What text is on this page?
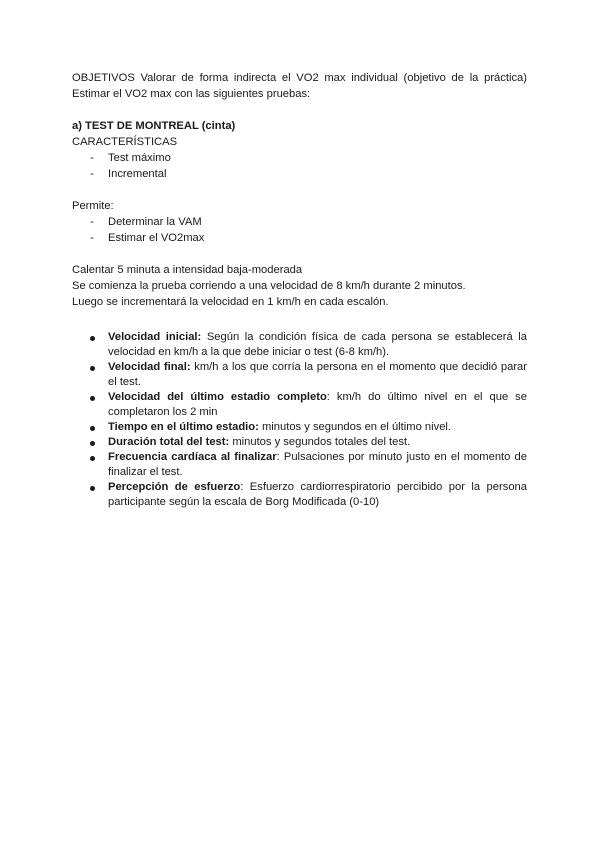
OBJETIVOS Valorar de forma indirecta el VO2 max individual (objetivo de la práctica)
Estimar el VO2 max con las siguientes pruebas:
a) TEST DE MONTREAL (cinta)
CARACTERÍSTICAS
- Test máximo
- Incremental
Permite:
- Determinar la VAM
- Estimar el VO2max
Calentar 5 minuta a intensidad baja-moderada
Se comienza la prueba corriendo a una velocidad de 8 km/h durante 2 minutos.
Luego se incrementará la velocidad en 1 km/h en cada escalón.
Velocidad inicial: Según la condición física de cada persona se establecerá la velocidad en km/h a la que debe iniciar o test (6-8 km/h).
Velocidad final: km/h a los que corría la persona en el momento que decidió parar el test.
Velocidad del último estadio completo: km/h do último nivel en el que se completaron los 2 min
Tiempo en el último estadio: minutos y segundos en el último nivel.
Duración total del test: minutos y segundos totales del test.
Frecuencia cardíaca al finalizar: Pulsaciones por minuto justo en el momento de finalizar el test.
Percepción de esfuerzo: Esfuerzo cardiorrespiratorio percibido por la persona participante según la escala de Borg Modificada (0-10)
